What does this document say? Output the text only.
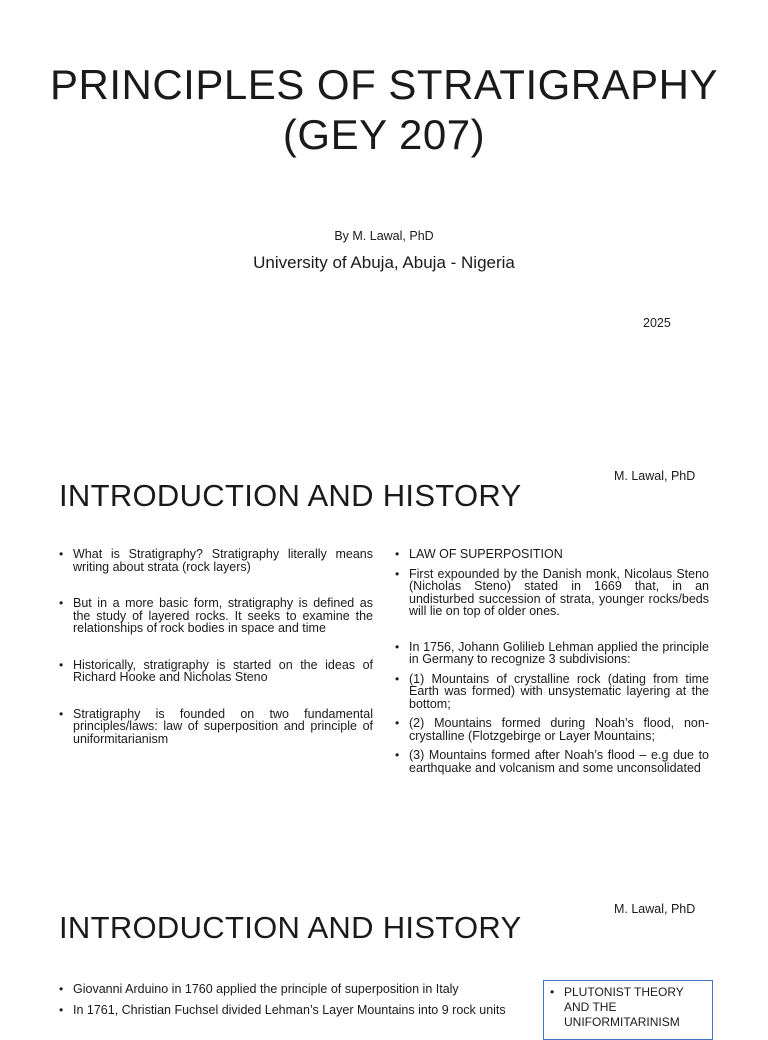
PRINCIPLES OF STRATIGRAPHY
(GEY 207)
By M. Lawal, PhD
University of Abuja, Abuja - Nigeria
2025
M. Lawal, PhD
INTRODUCTION AND HISTORY
• What is Stratigraphy? Stratigraphy literally means writing about strata (rock layers)
• But in a more basic form, stratigraphy is defined as the study of layered rocks. It seeks to examine the relationships of rock bodies in space and time
• Historically, stratigraphy is started on the ideas of Richard Hooke and Nicholas Steno
• Stratigraphy is founded on two fundamental principles/laws: law of superposition and principle of uniformitarianism
• LAW OF SUPERPOSITION
• First expounded by the Danish monk, Nicolaus Steno (Nicholas Steno) stated in 1669 that, in an undisturbed succession of strata, younger rocks/beds will lie on top of older ones.
• In 1756, Johann Golilieb Lehman applied the principle in Germany to recognize 3 subdivisions:
• (1) Mountains of crystalline rock (dating from time Earth was formed) with unsystematic layering at the bottom;
• (2) Mountains formed during Noah’s flood, non-crystalline (Flotzgebirge or Layer Mountains;
• (3) Mountains formed after Noah’s flood – e.g due to earthquake and volcanism and some unconsolidated
M. Lawal, PhD
INTRODUCTION AND HISTORY
• Giovanni Arduino in 1760 applied the principle of superposition in Italy
• In 1761, Christian Fuchsel divided Lehman’s Layer Mountains into 9 rock units
• PLUTONIST THEORY AND THE UNIFORMITARINISM
